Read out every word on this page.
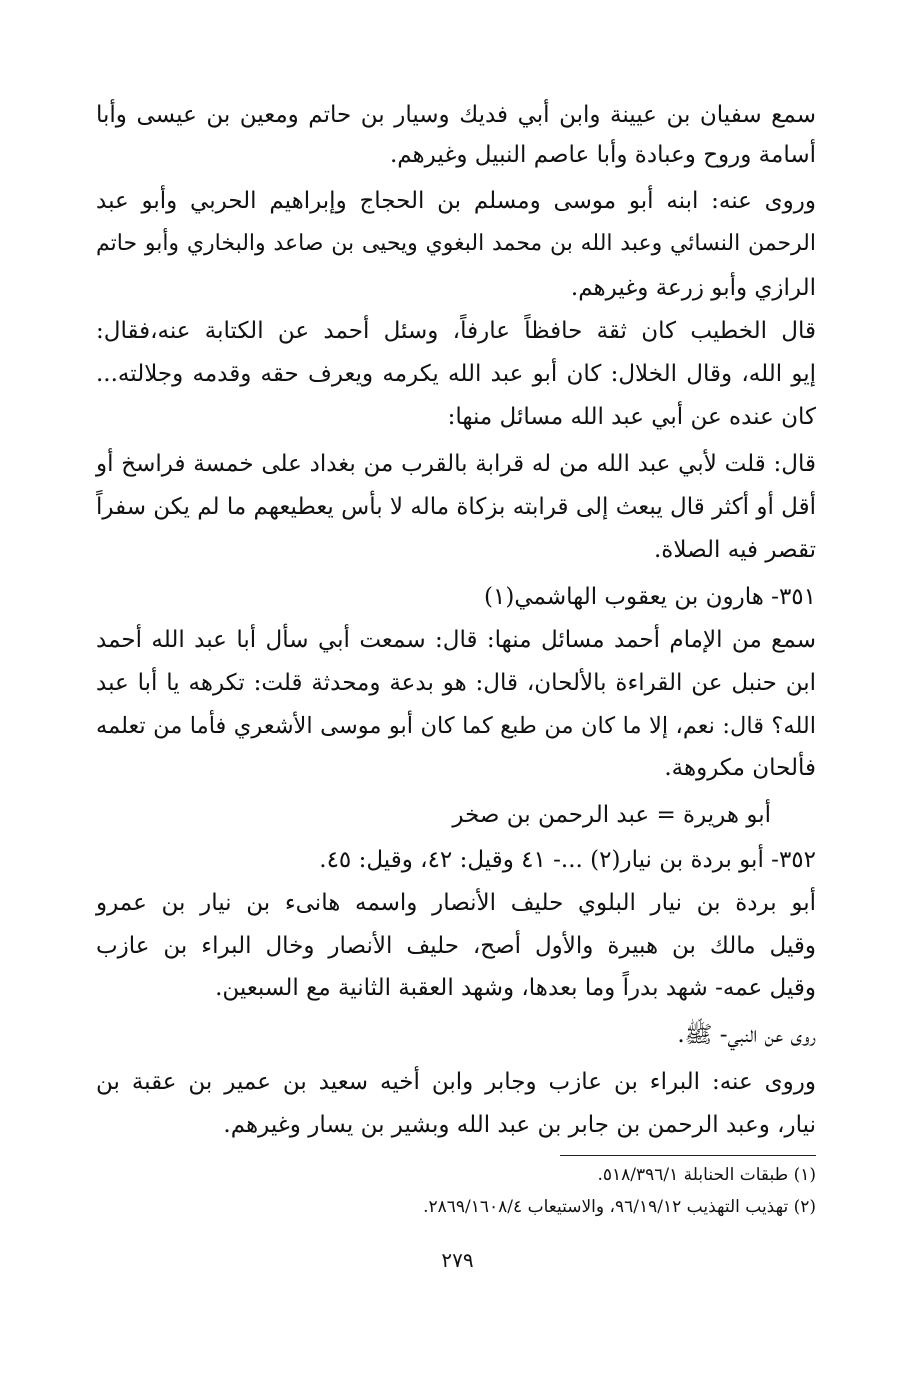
سمع سفيان بن عيينة وابن أبي فديك وسيار بن حاتم ومعين بن عيسى وأبا
أسامة وروح وعبادة وأبا عاصم النبيل وغيرهم.
وروى عنه: ابنه أبو موسى ومسلم بن الحجاج وإبراهيم الحربي وأبو عبد
الرحمن النسائي وعبد الله بن محمد البغوي ويحيى بن صاعد والبخاري وأبو حاتم
الرازي وأبو زرعة وغيرهم.
قال الخطيب كان ثقة حافظاً عارفاً، وسئل أحمد عن الكتابة عنه،فقال:
إيو الله، وقال الخلال: كان أبو عبد الله يكرمه ويعرف حقه وقدمه وجلالته...
كان عنده عن أبي عبد الله مسائل منها:
قال: قلت لأبي عبد الله من له قرابة بالقرب من بغداد على خمسة فراسخ أو
أقل أو أكثر قال يبعث إلى قرابته بزكاة ماله لا بأس يعطيعهم ما لم يكن سفراً
تقصر فيه الصلاة.
٣٥١- هارون بن يعقوب الهاشمي(١)
سمع من الإمام أحمد مسائل منها: قال: سمعت أبي سأل أبا عبد الله أحمد
ابن حنبل عن القراءة بالألحان، قال: هو بدعة ومحدثة قلت: تكرهه يا أبا عبد
الله؟ قال: نعم، إلا ما كان من طبع كما كان أبو موسى الأشعري فأما من تعلمه
فألحان مكروهة.
أبو هريرة = عبد الرحمن بن صخر
٣٥٢- أبو بردة بن نيار(٢) ...- ٤١ وقيل: ٤٢، وقيل: ٤٥.
أبو بردة بن نيار البلوي حليف الأنصار واسمه هانىء بن نيار بن عمرو
وقيل مالك بن هبيرة والأول أصح، حليف الأنصار وخال البراء بن عازب
وقيل عمه- شهد بدراً وما بعدها، وشهد العقبة الثانية مع السبعين.
روى عن النبي- ﷺ.
وروى عنه: البراء بن عازب وجابر وابن أخيه سعيد بن عمير بن عقبة بن
نيار، وعبد الرحمن بن جابر بن عبد الله وبشير بن يسار وغيرهم.
(١) طبقات الحنابلة ٥١٨/٣٩٦/١.
(٢) تهذيب التهذيب ٩٦/١٩/١٢، والاستيعاب ٢٨٦٩/١٦٠٨/٤.
٢٧٩
